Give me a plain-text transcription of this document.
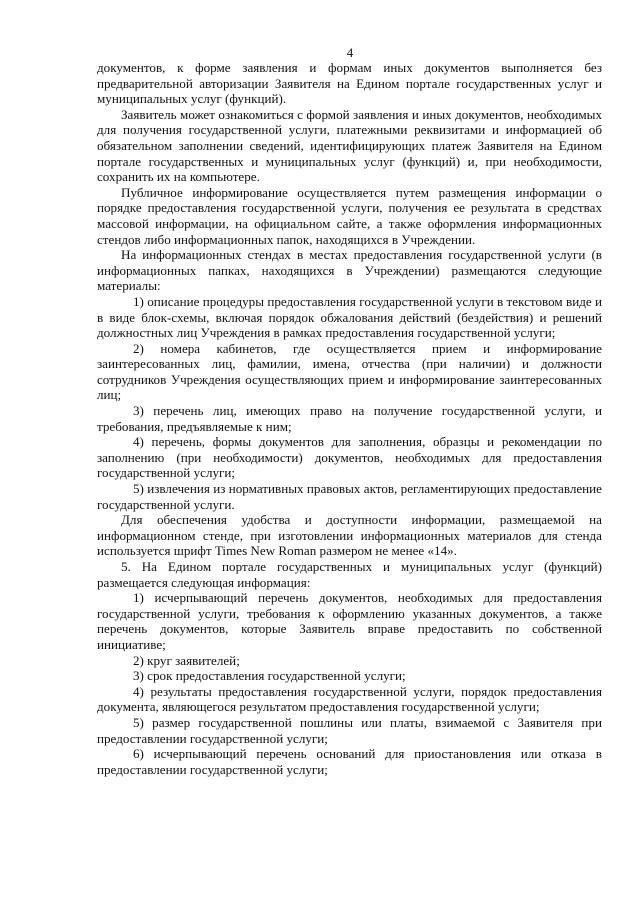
4

документов, к форме заявления и формам иных документов выполняется без предварительной авторизации Заявителя на Едином портале государственных услуг и муниципальных услуг (функций).

Заявитель может ознакомиться с формой заявления и иных документов, необходимых для получения государственной услуги, платежными реквизитами и информацией об обязательном заполнении сведений, идентифицирующих платеж Заявителя на Едином портале государственных и муниципальных услуг (функций) и, при необходимости, сохранить их на компьютере.

Публичное информирование осуществляется путем размещения информации о порядке предоставления государственной услуги, получения ее результата в средствах массовой информации, на официальном сайте, а также оформления информационных стендов либо информационных папок, находящихся в Учреждении.

На информационных стендах в местах предоставления государственной услуги (в информационных папках, находящихся в Учреждении) размещаются следующие материалы:

1) описание процедуры предоставления государственной услуги в текстовом виде и в виде блок-схемы, включая порядок обжалования действий (бездействия) и решений должностных лиц Учреждения в рамках предоставления государственной услуги;

2) номера кабинетов, где осуществляется прием и информирование заинтересованных лиц, фамилии, имена, отчества (при наличии) и должности сотрудников Учреждения осуществляющих прием и информирование заинтересованных лиц;

3) перечень лиц, имеющих право на получение государственной услуги, и требования, предъявляемые к ним;

4) перечень, формы документов для заполнения, образцы и рекомендации по заполнению (при необходимости) документов, необходимых для предоставления государственной услуги;

5) извлечения из нормативных правовых актов, регламентирующих предоставление государственной услуги.

Для обеспечения удобства и доступности информации, размещаемой на информационном стенде, при изготовлении информационных материалов для стенда используется шрифт Times New Roman размером не менее «14».

5. На Едином портале государственных и муниципальных услуг (функций) размещается следующая информация:

1) исчерпывающий перечень документов, необходимых для предоставления государственной услуги, требования к оформлению указанных документов, а также перечень документов, которые Заявитель вправе предоставить по собственной инициативе;

2) круг заявителей;

3) срок предоставления государственной услуги;

4) результаты предоставления государственной услуги, порядок предоставления документа, являющегося результатом предоставления государственной услуги;

5) размер государственной пошлины или платы, взимаемой с Заявителя при предоставлении государственной услуги;

6) исчерпывающий перечень оснований для приостановления или отказа в предоставлении государственной услуги;
